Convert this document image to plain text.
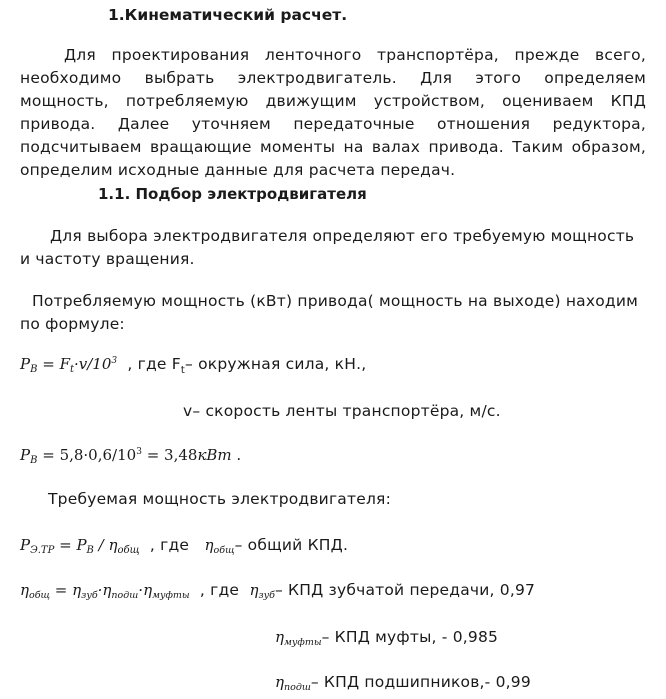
1.Кинематический расчет.
Для проектирования ленточного транспортёра, прежде всего, необходимо выбрать электродвигатель. Для этого определяем мощность, потребляемую движущим устройством, оцениваем КПД привода. Далее уточняем передаточные отношения редуктора, подсчитываем вращающие моменты на валах привода. Таким образом, определим исходные данные для расчета передач.
1.1. Подбор электродвигателя
Для выбора электродвигателя определяют его требуемую мощность и частоту вращения.
Потребляемую мощность (кВт) привода( мощность на выходе) находим по формуле:
$P_B = F_t\cdot v/10^3$ , где $F_t-$ окружная сила, кН.,
v– скорость ленты транспортёра, м/с.
$P_B = 5,8\cdot 0,6/10^3 = 3,48кВт$ .
Требуемая мощность электродвигателя:
$P_{Э.ТР} = P_B / \eta_{общ}$ , где $\eta_{общ}-$ общий КПД.
$\eta_{общ} = \eta_{зуб}\cdot\eta_{подш}\cdot\eta_{муфты}$ , где $\eta_{зуб}-$ КПД зубчатой передачи, 0,97
$\eta_{муфты}-$ КПД муфты, - 0,985
$\eta_{подш}-$ КПД подшипников,- 0,99
